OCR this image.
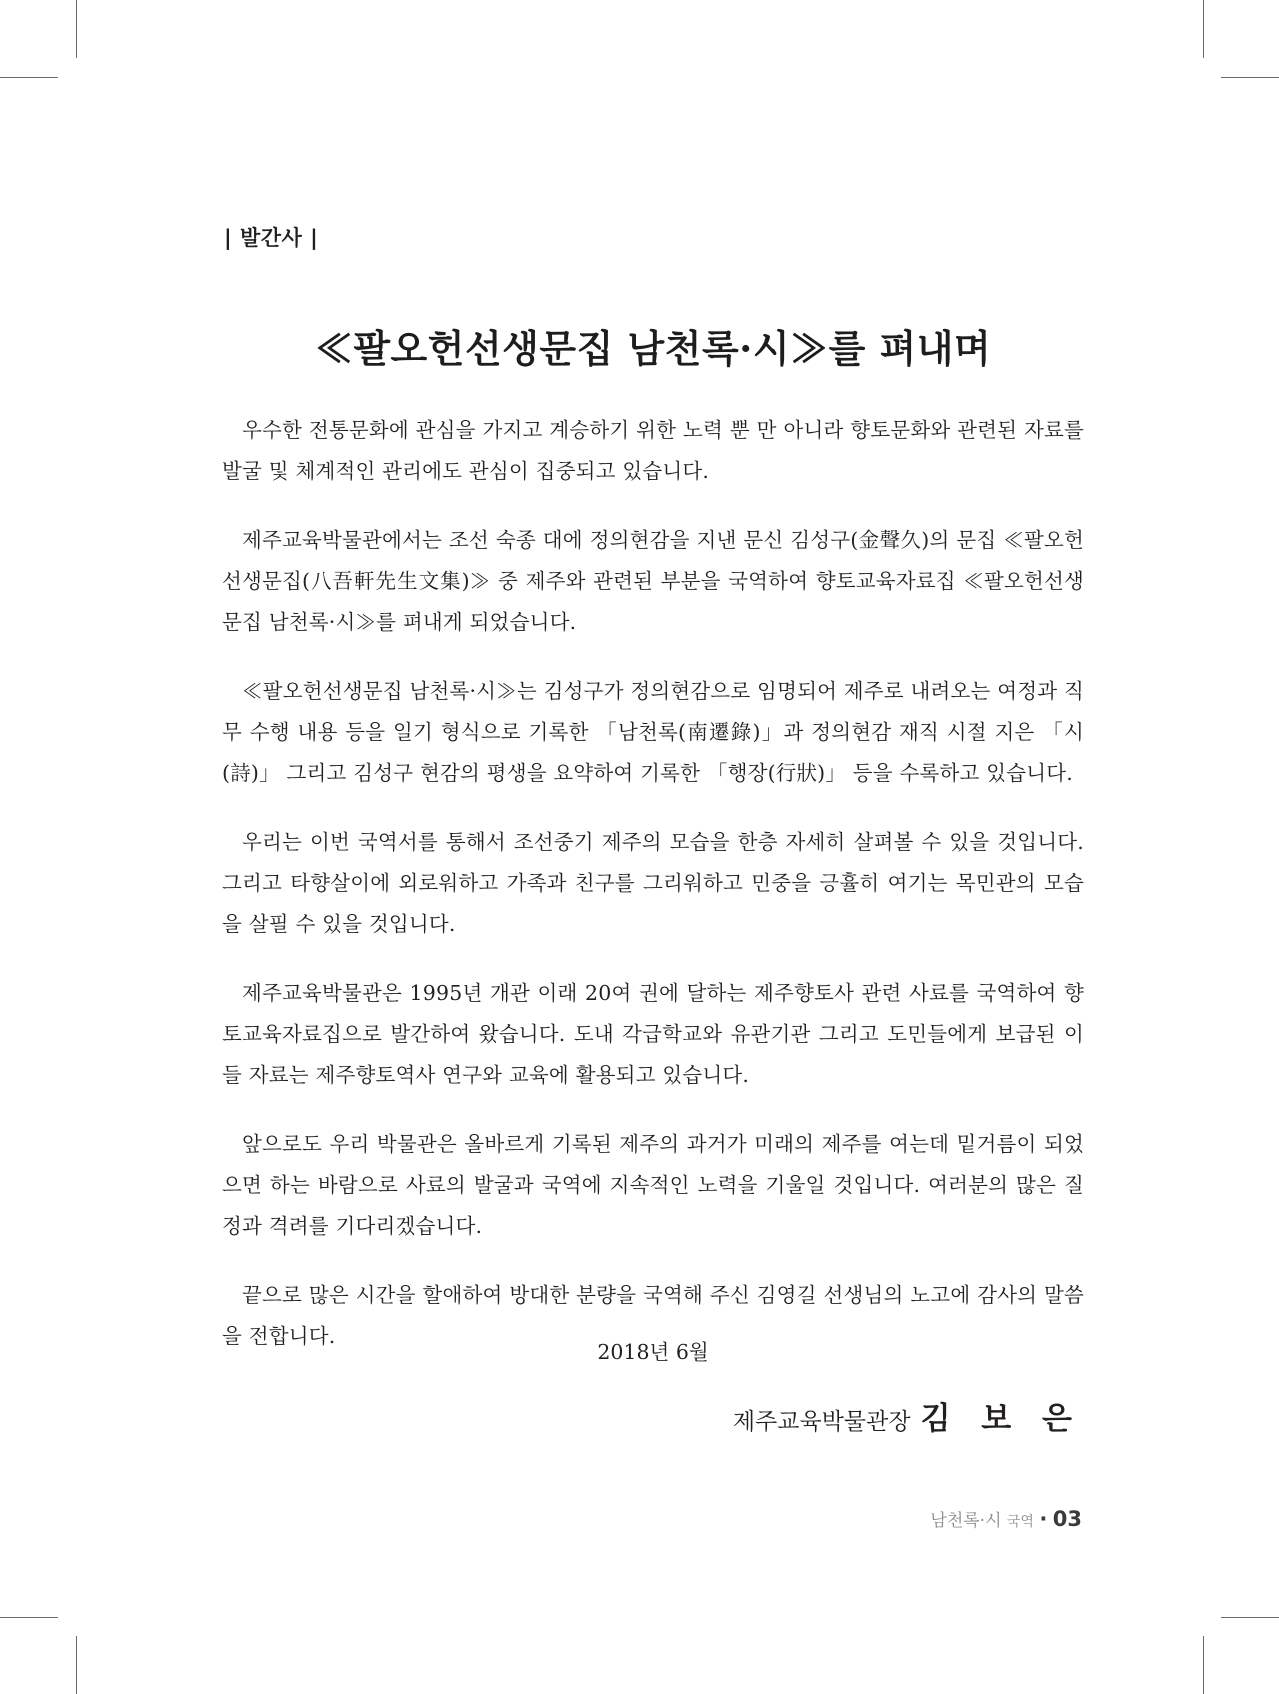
| 발간사 |
≪팔오헌선생문집 남천록·시≫를 펴내며

우수한 전통문화에 관심을 가지고 계승하기 위한 노력 뿐 만 아니라 향토문화와 관련된 자료를 발굴 및 체계적인 관리에도 관심이 집중되고 있습니다.

제주교육박물관에서는 조선 숙종 대에 정의현감을 지낸 문신 김성구(金聲久)의 문집 ≪팔오헌선생문집(八吾軒先生文集)≫ 중 제주와 관련된 부분을 국역하여 향토교육자료집 ≪팔오헌선생문집 남천록·시≫를 펴내게 되었습니다.

≪팔오헌선생문집 남천록·시≫는 김성구가 정의현감으로 임명되어 제주로 내려오는 여정과 직무 수행 내용 등을 일기 형식으로 기록한 「남천록(南遷錄)」과 정의현감 재직 시절 지은 「시(詩)」 그리고 김성구 현감의 평생을 요약하여 기록한 「행장(行狀)」 등을 수록하고 있습니다.

우리는 이번 국역서를 통해서 조선중기 제주의 모습을 한층 자세히 살펴볼 수 있을 것입니다. 그리고 타향살이에 외로워하고 가족과 친구를 그리워하고 민중을 긍휼히 여기는 목민관의 모습을 살필 수 있을 것입니다.

제주교육박물관은 1995년 개관 이래 20여 권에 달하는 제주향토사 관련 사료를 국역하여 향토교육자료집으로 발간하여 왔습니다. 도내 각급학교와 유관기관 그리고 도민들에게 보급된 이들 자료는 제주향토역사 연구와 교육에 활용되고 있습니다.

앞으로도 우리 박물관은 올바르게 기록된 제주의 과거가 미래의 제주를 여는데 밑거름이 되었으면 하는 바람으로 사료의 발굴과 국역에 지속적인 노력을 기울일 것입니다. 여러분의 많은 질정과 격려를 기다리겠습니다.

끝으로 많은 시간을 할애하여 방대한 분량을 국역해 주신 김영길 선생님의 노고에 감사의 말씀을 전합니다.

2018년 6월
제주교육박물관장 김 보 은
남천록·시 국역 · 03
